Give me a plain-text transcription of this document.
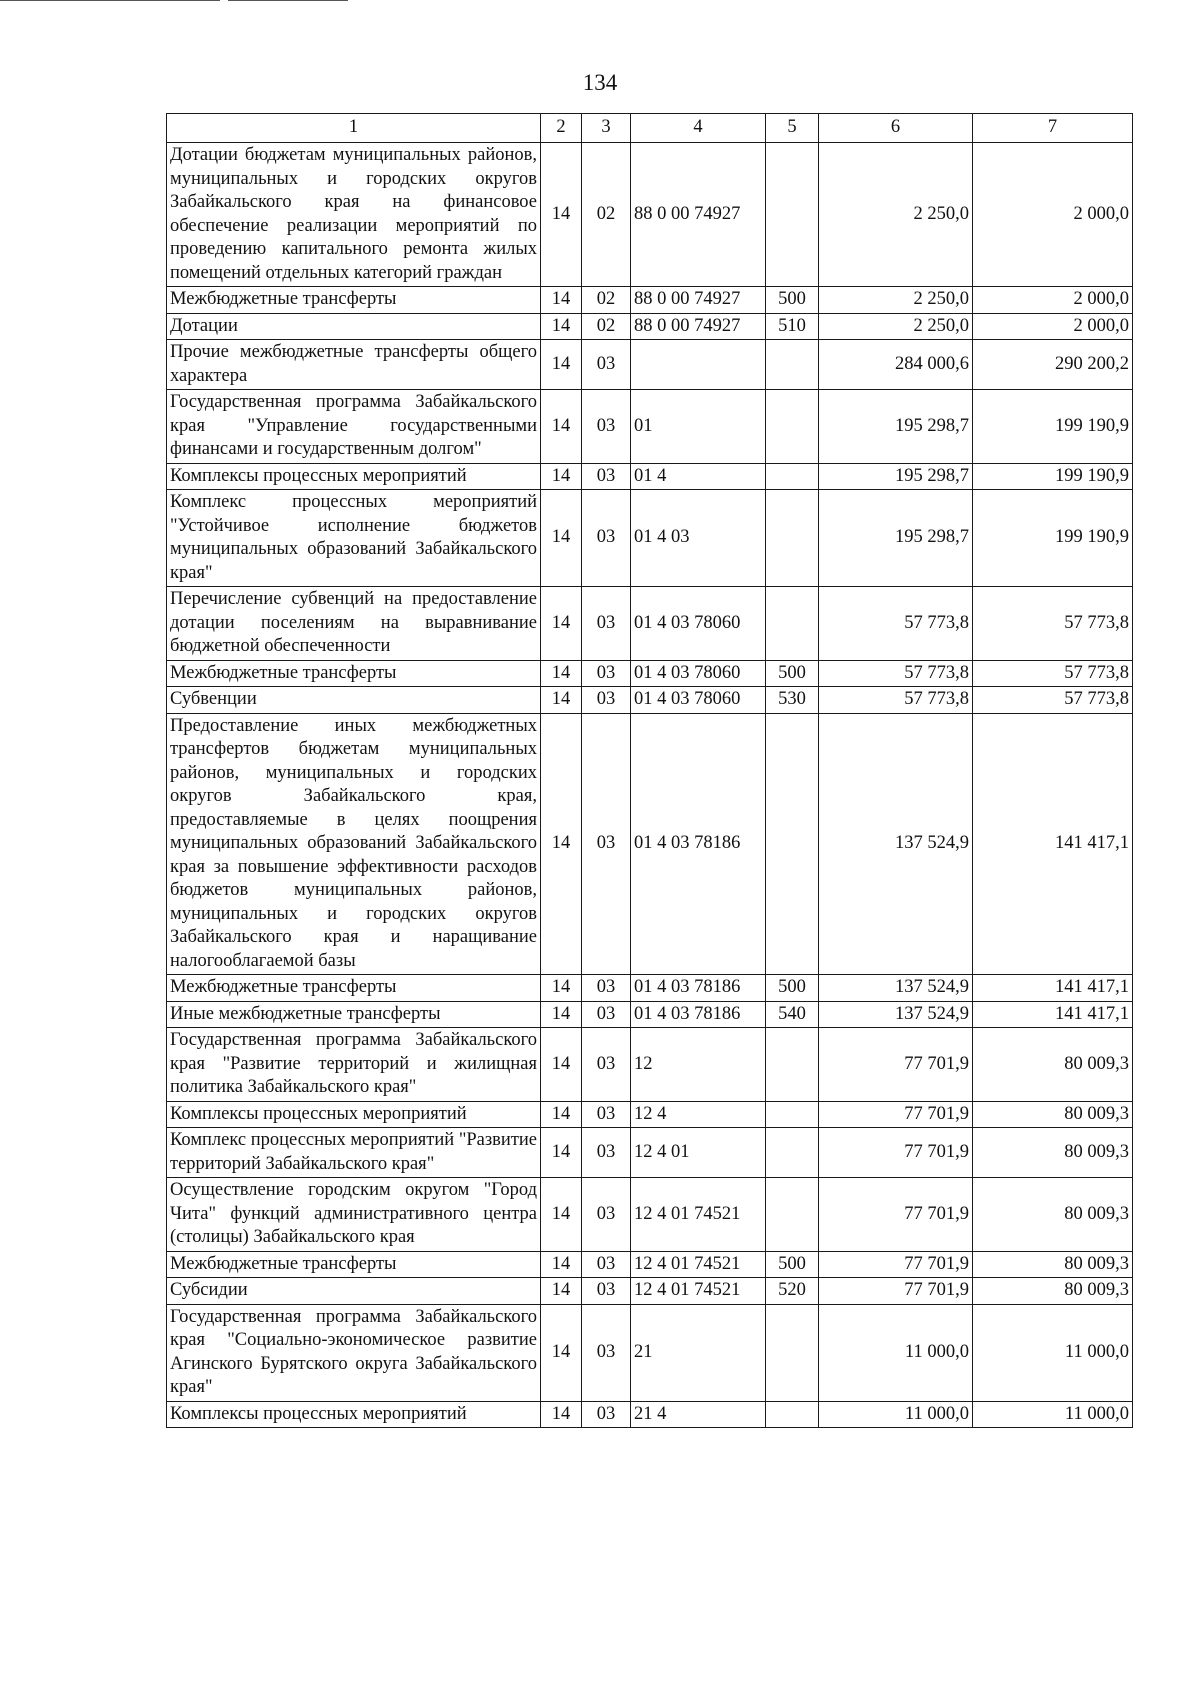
134
1	2	3	4	5	6	7
Дотации бюджетам муниципальных районов, муниципальных и городских округов Забайкальского края на финансовое обеспечение реализации мероприятий по проведению капитального ремонта жилых помещений отдельных категорий граждан	14	02	88 0 00 74927		2 250,0	2 000,0
Межбюджетные трансферты	14	02	88 0 00 74927	500	2 250,0	2 000,0
Дотации	14	02	88 0 00 74927	510	2 250,0	2 000,0
Прочие межбюджетные трансферты общего характера	14	03			284 000,6	290 200,2
Государственная программа Забайкальского края "Управление государственными финансами и государственным долгом"	14	03	01		195 298,7	199 190,9
Комплексы процессных мероприятий	14	03	01 4		195 298,7	199 190,9
Комплекс процессных мероприятий "Устойчивое исполнение бюджетов муниципальных образований Забайкальского края"	14	03	01 4 03		195 298,7	199 190,9
Перечисление субвенций на предоставление дотации поселениям на выравнивание бюджетной обеспеченности	14	03	01 4 03 78060		57 773,8	57 773,8
Межбюджетные трансферты	14	03	01 4 03 78060	500	57 773,8	57 773,8
Субвенции	14	03	01 4 03 78060	530	57 773,8	57 773,8
Предоставление иных межбюджетных трансфертов бюджетам муниципальных районов, муниципальных и городских округов Забайкальского края, предоставляемые в целях поощрения муниципальных образований Забайкальского края за повышение эффективности расходов бюджетов муниципальных районов, муниципальных и городских округов Забайкальского края и наращивание налогооблагаемой базы	14	03	01 4 03 78186		137 524,9	141 417,1
Межбюджетные трансферты	14	03	01 4 03 78186	500	137 524,9	141 417,1
Иные межбюджетные трансферты	14	03	01 4 03 78186	540	137 524,9	141 417,1
Государственная программа Забайкальского края "Развитие территорий и жилищная политика Забайкальского края"	14	03	12		77 701,9	80 009,3
Комплексы процессных мероприятий	14	03	12 4		77 701,9	80 009,3
Комплекс процессных мероприятий "Развитие территорий Забайкальского края"	14	03	12 4 01		77 701,9	80 009,3
Осуществление городским округом "Город Чита" функций административного центра (столицы) Забайкальского края	14	03	12 4 01 74521		77 701,9	80 009,3
Межбюджетные трансферты	14	03	12 4 01 74521	500	77 701,9	80 009,3
Субсидии	14	03	12 4 01 74521	520	77 701,9	80 009,3
Государственная программа Забайкальского края "Социально-экономическое развитие Агинского Бурятского округа Забайкальского края"	14	03	21		11 000,0	11 000,0
Комплексы процессных мероприятий	14	03	21 4		11 000,0	11 000,0
